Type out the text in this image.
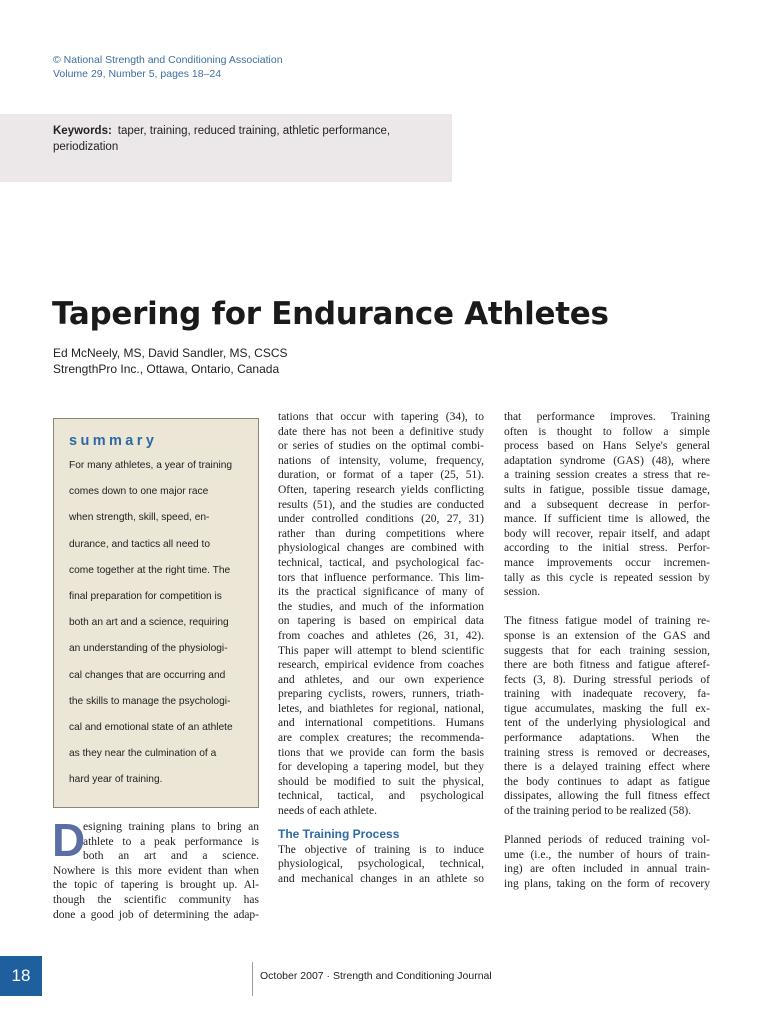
© National Strength and Conditioning Association
Volume 29, Number 5, pages 18–24
Keywords: taper, training, reduced training, athletic performance,
periodization
Tapering for Endurance Athletes
Ed McNeely, MS, David Sandler, MS, CSCS
StrengthPro Inc., Ottawa, Ontario, Canada
summary
For many athletes, a year of training
comes down to one major race
when strength, skill, speed, en-
durance, and tactics all need to
come together at the right time. The
final preparation for competition is
both an art and a science, requiring
an understanding of the physiologi-
cal changes that are occurring and
the skills to manage the psychologi-
cal and emotional state of an athlete
as they near the culmination of a
hard year of training.
D
esigning training plans to bring an
athlete to a peak performance is
both an art and a science.
Nowhere is this more evident than when
the topic of tapering is brought up. Al-
though the scientific community has
done a good job of determining the adap-
tations that occur with tapering (34), to
date there has not been a definitive study
or series of studies on the optimal combi-
nations of intensity, volume, frequency,
duration, or format of a taper (25, 51).
Often, tapering research yields conflicting
results (51), and the studies are conducted
under controlled conditions (20, 27, 31)
rather than during competitions where
physiological changes are combined with
technical, tactical, and psychological fac-
tors that influence performance. This lim-
its the practical significance of many of
the studies, and much of the information
on tapering is based on empirical data
from coaches and athletes (26, 31, 42).
This paper will attempt to blend scientific
research, empirical evidence from coaches
and athletes, and our own experience
preparing cyclists, rowers, runners, triath-
letes, and biathletes for regional, national,
and international competitions. Humans
are complex creatures; the recommenda-
tions that we provide can form the basis
for developing a tapering model, but they
should be modified to suit the physical,
technical, tactical, and psychological
needs of each athlete.
The Training Process
The objective of training is to induce
physiological, psychological, technical,
and mechanical changes in an athlete so
that performance improves. Training
often is thought to follow a simple
process based on Hans Selye's general
adaptation syndrome (GAS) (48), where
a training session creates a stress that re-
sults in fatigue, possible tissue damage,
and a subsequent decrease in perfor-
mance. If sufficient time is allowed, the
body will recover, repair itself, and adapt
according to the initial stress. Perfor-
mance improvements occur incremen-
tally as this cycle is repeated session by
session.
The fitness fatigue model of training re-
sponse is an extension of the GAS and
suggests that for each training session,
there are both fitness and fatigue afteref-
fects (3, 8). During stressful periods of
training with inadequate recovery, fa-
tigue accumulates, masking the full ex-
tent of the underlying physiological and
performance adaptations. When the
training stress is removed or decreases,
there is a delayed training effect where
the body continues to adapt as fatigue
dissipates, allowing the full fitness effect
of the training period to be realized (58).
Planned periods of reduced training vol-
ume (i.e., the number of hours of train-
ing) are often included in annual train-
ing plans, taking on the form of recovery
18	October 2007 · Strength and Conditioning Journal
